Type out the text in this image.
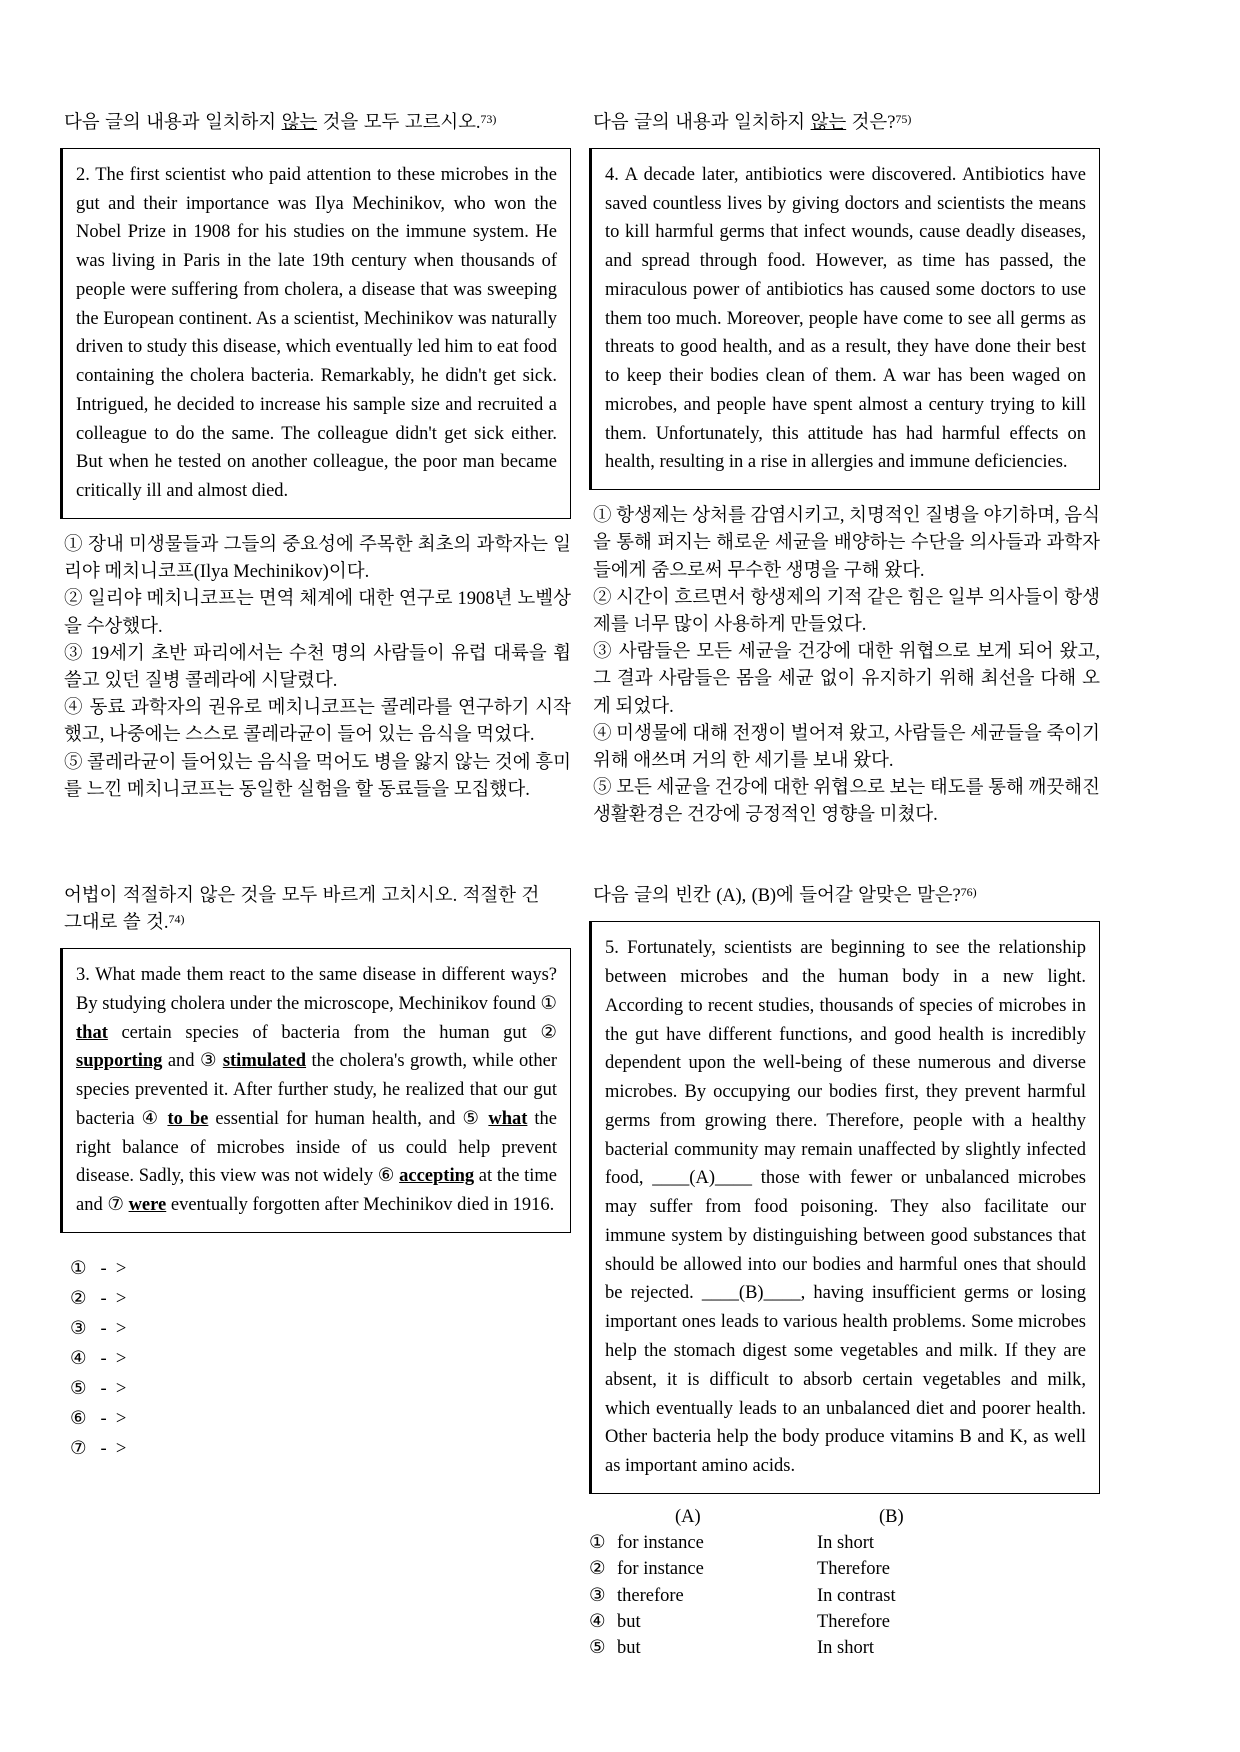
다음 글의 내용과 일치하지 않는 것을 모두 고르시오.$^{73)}$

2. The first scientist who paid attention to these microbes in the gut and their importance was Ilya Mechinikov, who won the Nobel Prize in 1908 for his studies on the immune system. He was living in Paris in the late 19th century when thousands of people were suffering from cholera, a disease that was sweeping the European continent. As a scientist, Mechinikov was naturally driven to study this disease, which eventually led him to eat food containing the cholera bacteria. Remarkably, he didn't get sick. Intrigued, he decided to increase his sample size and recruited a colleague to do the same. The colleague didn't get sick either. But when he tested on another colleague, the poor man became critically ill and almost died.

① 장내 미생물들과 그들의 중요성에 주목한 최초의 과학자는 일리야 메치니코프(Ilya Mechinikov)이다.

② 일리야 메치니코프는 면역 체계에 대한 연구로 1908년 노벨상을 수상했다.

③ 19세기 초반 파리에서는 수천 명의 사람들이 유럽 대륙을 휩쓸고 있던 질병 콜레라에 시달렸다.

④ 동료 과학자의 권유로 메치니코프는 콜레라를 연구하기 시작했고, 나중에는 스스로 콜레라균이 들어 있는 음식을 먹었다.

⑤ 콜레라균이 들어있는 음식을 먹어도 병을 앓지 않는 것에 흥미를 느낀 메치니코프는 동일한 실험을 할 동료들을 모집했다.

다음 글의 내용과 일치하지 않는 것은?$^{75)}$

4. A decade later, antibiotics were discovered. Antibiotics have saved countless lives by giving doctors and scientists the means to kill harmful germs that infect wounds, cause deadly diseases, and spread through food. However, as time has passed, the miraculous power of antibiotics has caused some doctors to use them too much. Moreover, people have come to see all germs as threats to good health, and as a result, they have done their best to keep their bodies clean of them. A war has been waged on microbes, and people have spent almost a century trying to kill them. Unfortunately, this attitude has had harmful effects on health, resulting in a rise in allergies and immune deficiencies.

① 항생제는 상처를 감염시키고, 치명적인 질병을 야기하며, 음식을 통해 퍼지는 해로운 세균을 배양하는 수단을 의사들과 과학자들에게 줌으로써 무수한 생명을 구해 왔다.

② 시간이 흐르면서 항생제의 기적 같은 힘은 일부 의사들이 항생제를 너무 많이 사용하게 만들었다.

③ 사람들은 모든 세균을 건강에 대한 위협으로 보게 되어 왔고, 그 결과 사람들은 몸을 세균 없이 유지하기 위해 최선을 다해 오게 되었다.

④ 미생물에 대해 전쟁이 벌어져 왔고, 사람들은 세균들을 죽이기 위해 애쓰며 거의 한 세기를 보내 왔다.

⑤ 모든 세균을 건강에 대한 위협으로 보는 태도를 통해 깨끗해진 생활환경은 건강에 긍정적인 영향을 미쳤다.

어법이 적절하지 않은 것을 모두 바르게 고치시오. 적절한 건
그대로 쓸 것.$^{74)}$

3. What made them react to the same disease in different ways? By studying cholera under the microscope, Mechinikov found ① that certain species of bacteria from the human gut ② supporting and ③ stimulated the cholera's growth, while other species prevented it. After further study, he realized that our gut bacteria ④ to be essential for human health, and ⑤ what the right balance of microbes inside of us could help prevent disease. Sadly, this view was not widely ⑥ accepting at the time and ⑦ were eventually forgotten after Mechinikov died in 1916.

①   -  >
②   -  >
③   -  >
④   -  >
⑤   -  >
⑥   -  >
⑦   -  >
다음 글의 빈칸 (A), (B)에 들어갈 알맞은 말은?$^{76)}$

5. Fortunately, scientists are beginning to see the relationship between microbes and the human body in a new light. According to recent studies, thousands of species of microbes in the gut have different functions, and good health is incredibly dependent upon the well-being of these numerous and diverse microbes. By occupying our bodies first, they prevent harmful germs from growing there. Therefore, people with a healthy bacterial community may remain unaffected by slightly infected food, ____(A)____ those with fewer or unbalanced microbes may suffer from food poisoning. They also facilitate our immune system by distinguishing between good substances that should be allowed into our bodies and harmful ones that should be rejected. ____(B)____, having insufficient germs or losing important ones leads to various health problems. Some microbes help the stomach digest some vegetables and milk. If they are absent, it is difficult to absorb certain vegetables and milk, which eventually leads to an unbalanced diet and poorer health. Other bacteria help the body produce vitamins B and K, as well as important amino acids.

(A)	(B)
① for instance	In short
② for instance	Therefore
③ therefore	In contrast
④ but	Therefore
⑤ but	In short
